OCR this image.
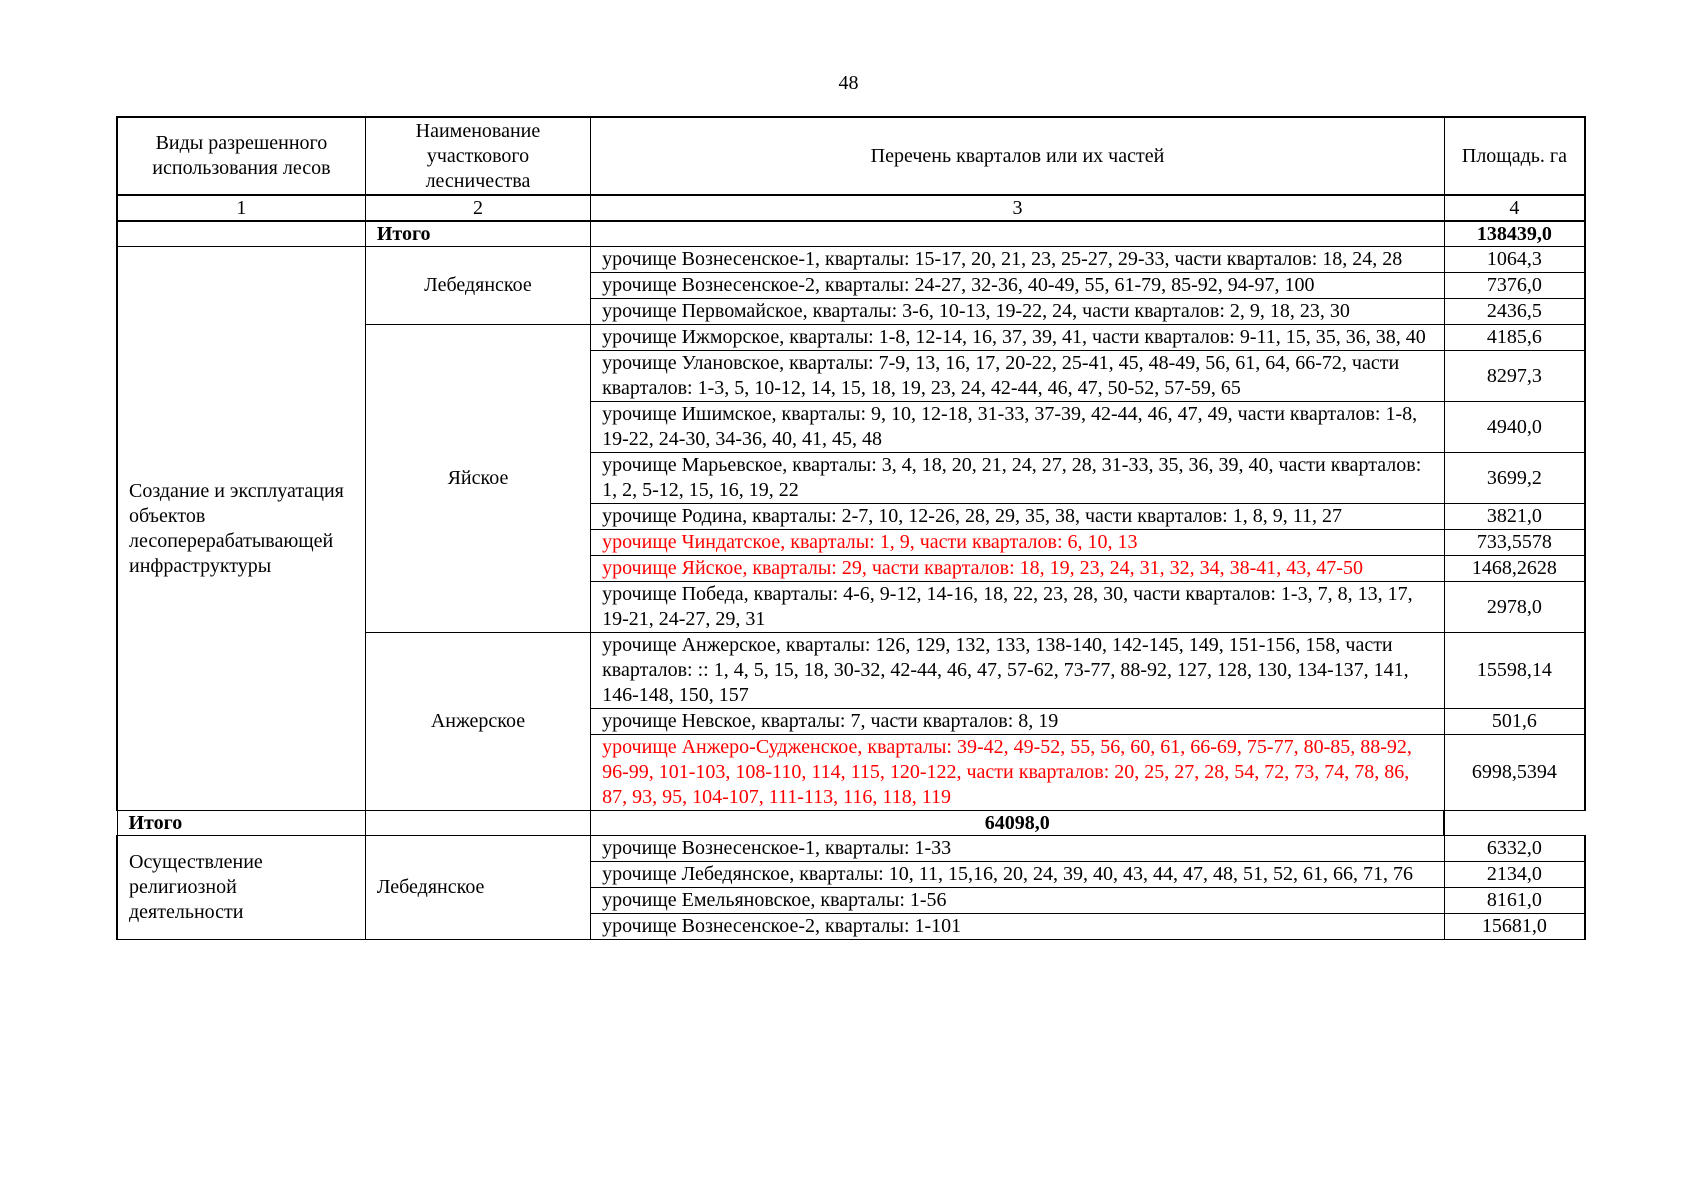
48
Виды разрешенного использования лесов	Наименование участкового лесничества	Перечень кварталов или их частей	Площадь. га
1	2	3	4
	Итого		138439,0
Создание и эксплуатация объектов лесоперерабатывающей инфраструктуры	Лебедянское	урочище Вознесенское-1, кварталы: 15-17, 20, 21, 23, 25-27, 29-33, части кварталов: 18, 24, 28	1064,3
		урочище Вознесенское-2, кварталы: 24-27, 32-36, 40-49, 55, 61-79, 85-92, 94-97, 100	7376,0
		урочище Первомайское, кварталы: 3-6, 10-13, 19-22, 24, части кварталов: 2, 9, 18, 23, 30	2436,5
	Яйское	урочище Ижморское, кварталы: 1-8, 12-14, 16, 37, 39, 41, части кварталов: 9-11, 15, 35, 36, 38, 40	4185,6
		урочище Улановское, кварталы: 7-9, 13, 16, 17, 20-22, 25-41, 45, 48-49, 56, 61, 64, 66-72, части кварталов: 1-3, 5, 10-12, 14, 15, 18, 19, 23, 24, 42-44, 46, 47, 50-52, 57-59, 65	8297,3
		урочище Ишимское, кварталы: 9, 10, 12-18, 31-33, 37-39, 42-44, 46, 47, 49, части кварталов: 1-8, 19-22, 24-30, 34-36, 40, 41, 45, 48	4940,0
		урочище Марьевское, кварталы: 3, 4, 18, 20, 21, 24, 27, 28, 31-33, 35, 36, 39, 40, части кварталов: 1, 2, 5-12, 15, 16, 19, 22	3699,2
		урочище Родина, кварталы: 2-7, 10, 12-26, 28, 29, 35, 38, части кварталов: 1, 8, 9, 11, 27	3821,0
		урочище Чиндатское, кварталы: 1, 9, части кварталов: 6, 10, 13	733,5578
		урочище Яйское, кварталы: 29, части кварталов: 18, 19, 23, 24, 31, 32, 34, 38-41, 43, 47-50	1468,2628
		урочище Победа, кварталы: 4-6, 9-12, 14-16, 18, 22, 23, 28, 30, части кварталов: 1-3, 7, 8, 13, 17, 19-21, 24-27, 29, 31	2978,0
	Анжерское	урочище Анжерское, кварталы: 126, 129, 132, 133, 138-140, 142-145, 149, 151-156, 158, части кварталов: :: 1, 4, 5, 15, 18, 30-32, 42-44, 46, 47, 57-62, 73-77, 88-92, 127, 128, 130, 134-137, 141, 146-148, 150, 157	15598,14
		урочище Невское, кварталы: 7, части кварталов: 8, 19	501,6
		урочище Анжеро-Судженское, кварталы: 39-42, 49-52, 55, 56, 60, 61, 66-69, 75-77, 80-85, 88-92, 96-99, 101-103, 108-110, 114, 115, 120-122, части кварталов: 20, 25, 27, 28, 54, 72, 73, 74, 78, 86, 87, 93, 95, 104-107, 111-113, 116, 118, 119	6998,5394
Итого		64098,0	
Осуществление религиозной деятельности	Лебедянское	урочище Вознесенское-1, кварталы: 1-33	6332,0
		урочище Лебедянское, кварталы: 10, 11, 15,16, 20, 24, 39, 40, 43, 44, 47, 48, 51, 52, 61, 66, 71, 76	2134,0
		урочище Емельяновское, кварталы: 1-56	8161,0
		урочище Вознесенское-2, кварталы: 1-101	15681,0
